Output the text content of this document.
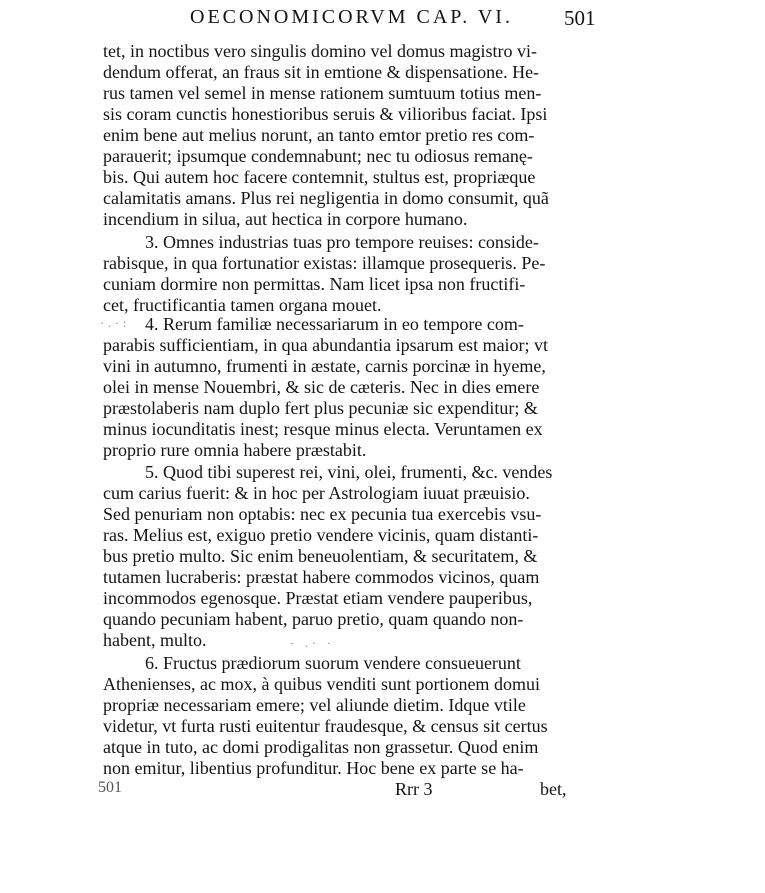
OECONOMICORVM CAP. VI. 501
tet, in noctibus vero singulis domino vel domus magistro vi-
dendum offerat, an fraus sit in emtione & dispensatione. He-
rus tamen vel semel in mense rationem sumtuum totius men-
sis coram cunctis honestioribus seruis & vilioribus faciat. Ipsi
enim bene aut melius norunt, an tanto emtor pretio res com-
parauerit; ipsumque condemnabunt; nec tu odiosus remanę-
bis. Qui autem hoc facere contemnit, stultus est, propriæque
calamitatis amans. Plus rei negligentia in domo consumit, quã
incendium in silua, aut hectica in corpore humano.
3. Omnes industrias tuas pro tempore reuises: conside-
rabisque, in qua fortunatior existas: illamque prosequeris. Pe-
cuniam dormire non permittas. Nam licet ipsa non fructifi-
cet, fructificantia tamen organa mouet.
·.·: 4. Rerum familiæ necessariarum in eo tempore com-
parabis sufficientiam, in qua abundantia ipsarum est maior; vt
vini in autumno, frumenti in æstate, carnis porcinæ in hyeme,
olei in mense Nouembri, & sic de cæteris. Nec in dies emere
præstolaberis nam duplo fert plus pecuniæ sic expenditur; &
minus iocunditatis inest; resque minus electa. Veruntamen ex
proprio rure omnia habere præstabit.
5. Quod tibi superest rei, vini, olei, frumenti, &c. vendes
cum carius fuerit: & in hoc per Astrologiam iuuat præuisio.
Sed penuriam non optabis: nec ex pecunia tua exercebis vsu-
ras. Melius est, exiguo pretio vendere vicinis, quam distanti-
bus pretio multo. Sic enim beneuolentiam, & securitatem, &
tutamen lucraberis: præstat habere commodos vicinos, quam
incommodos egenosque. Præstat etiam vendere pauperibus,
quando pecuniam habent, paruo pretio, quam quando non-
habent, multo.	· .· ·
6. Fructus prædiorum suorum vendere consueuerunt
Athenienses, ac mox, à quibus venditi sunt portionem domui
propriæ necessariam emere; vel aliunde dietim. Idque vtile
videtur, vt furta rusti euitentur fraudesque, & census sit certus
atque in tuto, ac domi prodigalitas non grassetur. Quod enim
non emitur, libentius profunditur. Hoc bene ex parte se ha-
501	Rrr 3	bet,
